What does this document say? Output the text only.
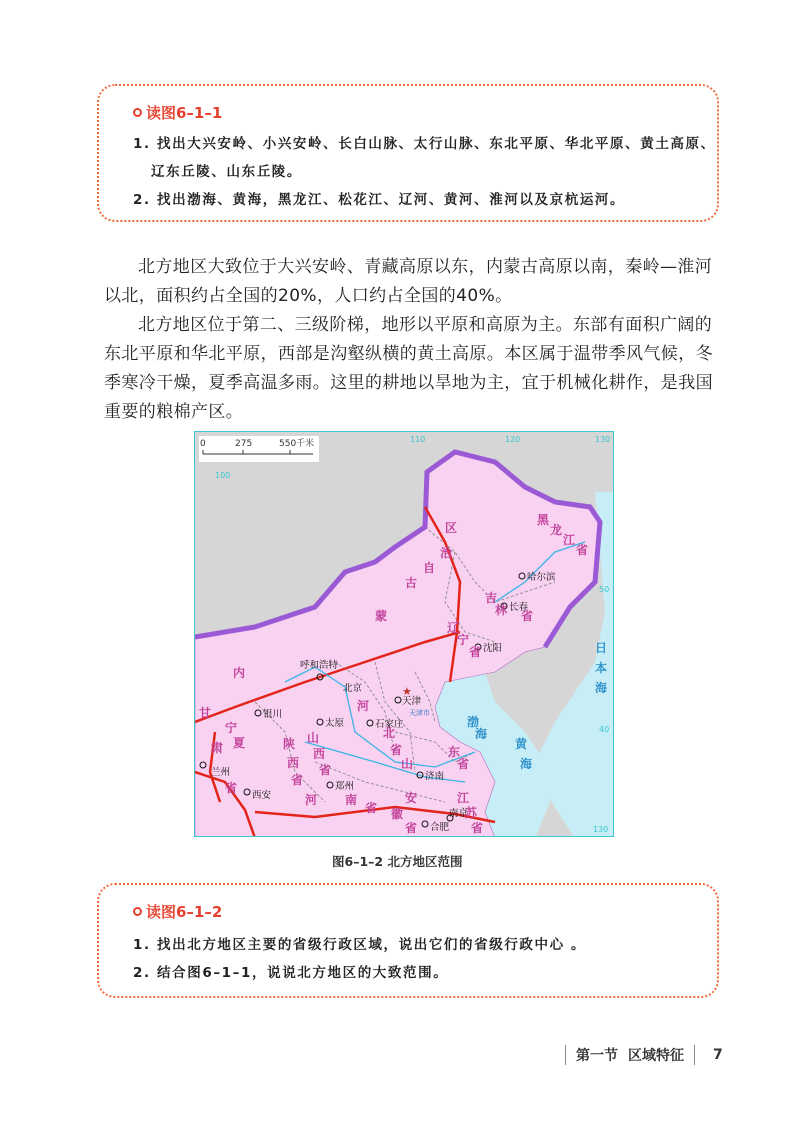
读图6–1–1
1. 找出大兴安岭、小兴安岭、长白山脉、太行山脉、东北平原、华北平原、黄土高原、
辽东丘陵、山东丘陵。
2. 找出渤海、黄海，黑龙江、松花江、辽河、黄河、淮河以及京杭运河。

北方地区大致位于大兴安岭、青藏高原以东，内蒙古高原以南，秦岭—淮河以北，面积约占全国的20%，人口约占全国的40%。

北方地区位于第二、三级阶梯，地形以平原和高原为主。东部有面积广阔的东北平原和华北平原，西部是沟壑纵横的黄土高原。本区属于温带季风气候，冬季寒冷干燥，夏季高温多雨。这里的耕地以旱地为主，宜于机械化耕作，是我国重要的粮棉产区。

0	275	550千米
100
110	120	130
50
40
130
哈尔滨
长春
沈阳
呼和浩特
北京	★
天津
天津市
银川
太原	石家庄
济南
兰州
西安
郑州
合肥
南京
黑
龙
江
省
吉
林 省
辽
宁
省
内
蒙
古
自
治
区
河
北
省
山
西
省
陕
西
省
山
东
省
河 南
省
宁
夏
甘
肃
省
安
徽
省
江
苏
省
渤
海
黄
海
日
本
海
图6–1–2 北方地区范围
读图6–1–2
1. 找出北方地区主要的省级行政区域，说出它们的省级行政中心 。
2. 结合图6–1–1，说说北方地区的大致范围。
第一节 区域特征 7
